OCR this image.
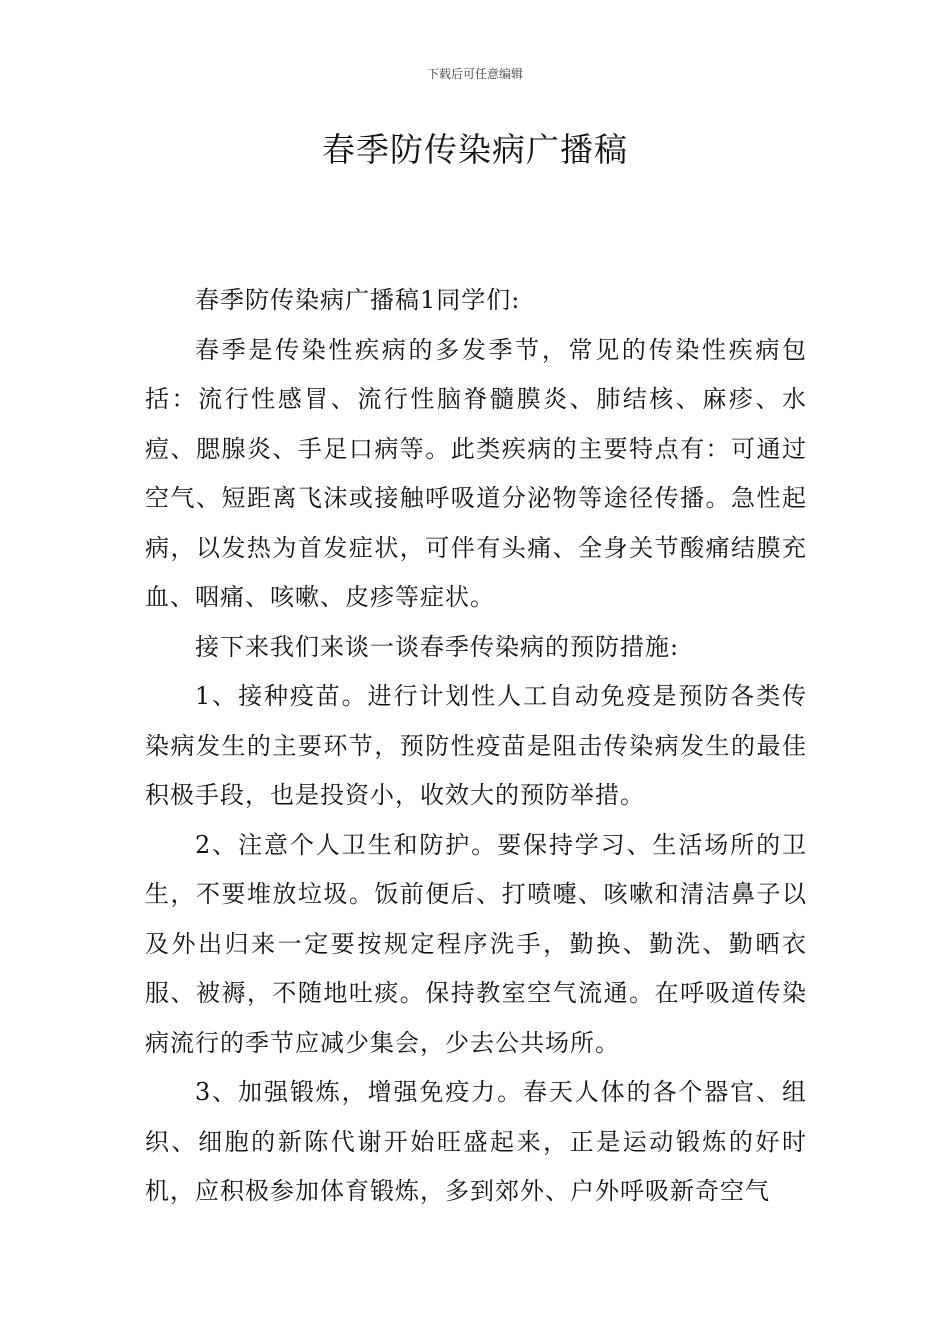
下载后可任意编辑
春季防传染病广播稿

春季防传染病广播稿1同学们:

春季是传染性疾病的多发季节，常见的传染性疾病包括：流行性感冒、流行性脑脊髓膜炎、肺结核、麻疹、水痘、腮腺炎、手足口病等。此类疾病的主要特点有：可通过空气、短距离飞沫或接触呼吸道分泌物等途径传播。急性起病，以发热为首发症状，可伴有头痛、全身关节酸痛结膜充血、咽痛、咳嗽、皮疹等症状。

接下来我们来谈一谈春季传染病的预防措施:

1、接种疫苗。进行计划性人工自动免疫是预防各类传染病发生的主要环节，预防性疫苗是阻击传染病发生的最佳积极手段，也是投资小，收效大的预防举措。

2、注意个人卫生和防护。要保持学习、生活场所的卫生，不要堆放垃圾。饭前便后、打喷嚏、咳嗽和清洁鼻子以及外出归来一定要按规定程序洗手，勤换、勤洗、勤晒衣服、被褥，不随地吐痰。保持教室空气流通。在呼吸道传染病流行的季节应减少集会，少去公共场所。

3、加强锻炼，增强免疫力。春天人体的各个器官、组织、细胞的新陈代谢开始旺盛起来，正是运动锻炼的好时机，应积极参加体育锻炼，多到郊外、户外呼吸新奇空气
